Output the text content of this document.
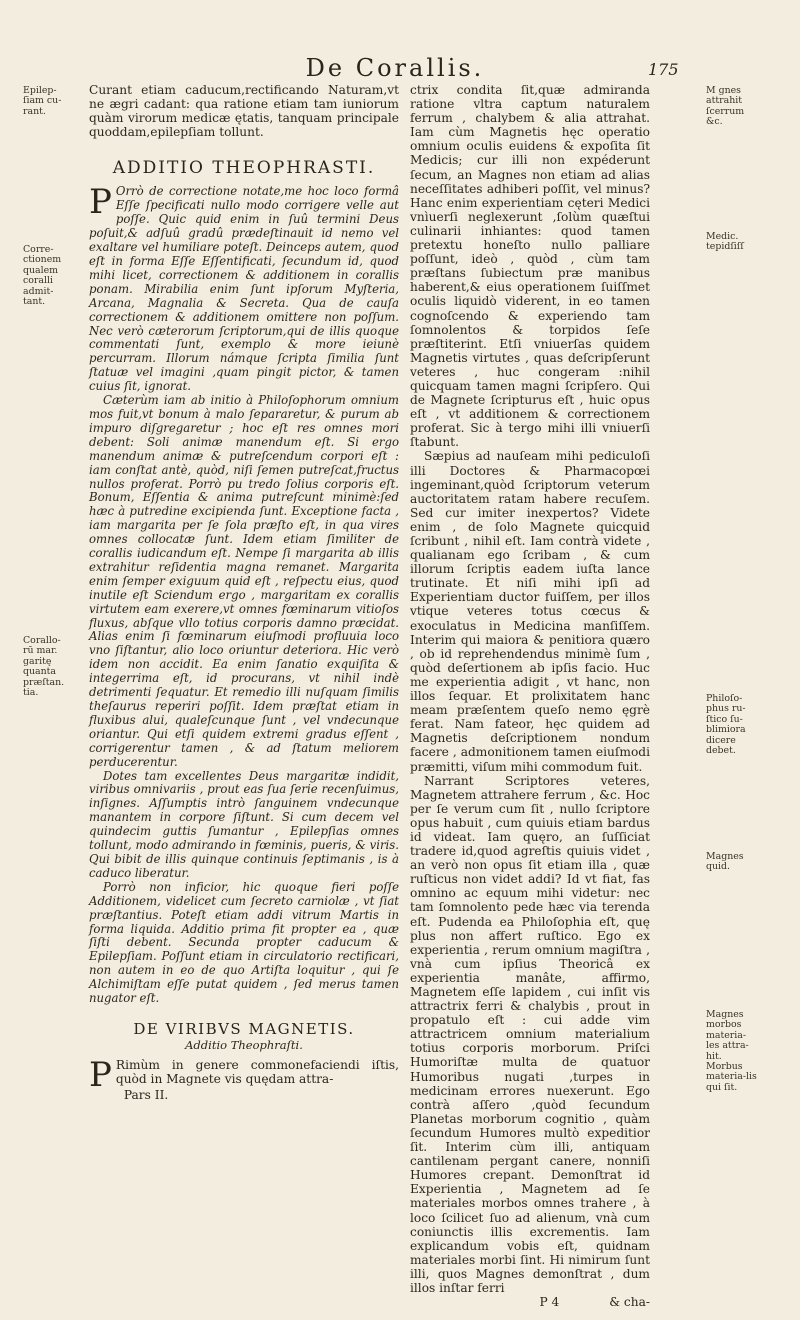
De Corallis.	175
Epilep-ſiam cu-rant.
Corre-ctionem qualem coralli admit-tant.
Corallo-rū mar. garitę quanta præſtan. tia.
M gnes attrahit ſcerrum &c.
Medic. tepidſiſſ
Philoſo-phus ru-ſtico ſu-blimiora dicere debet.
Magnes quid.
Magnes morbos materia-les attra-hit. Morbus materia-lis qui ſit.

Curant etiam caducum,rectificando Naturam,vt ne ægri cadant: qua ratione etiam tam iuniorum quàm virorum medicæ ętatis, tanquam principale quoddam,epilepſiam tollunt.

ADDITIO THEOPHRASTI.

P Orrò de correctione notate,me hoc loco formâ Eſſe ſpecificati nullo modo corrigere velle aut poſſe. Quic quid enim in ſuû termini Deus poſuit,& adſuû gradû prædeſtinauit id nemo vel exaltare vel humiliare poteſt. Deinceps autem, quod eſt in forma Eſſe Eſſentificati, ſecundum id, quod mihi licet, correctionem & additionem in corallis ponam. Mirabilia enim ſunt ipſorum Myſteria, Arcana, Magnalia & Secreta. Qua de cauſa correctionem & additionem omittere non poſſum. Nec verò cæterorum ſcriptorum,qui de illis quoque commentati ſunt, exemplo & more ieiunè percurram. Illorum námque ſcripta ſimilia ſunt ſtatuæ vel imagini ,quam pingit pictor, & tamen cuius ſit, ignorat.

Cæterùm iam ab initio à Philoſophorum omnium mos fuit,vt bonum à malo ſepararetur, & purum ab impuro diſgregaretur ; hoc eſt res omnes mori debent: Soli animæ manendum eſt. Si ergo manendum animæ & putreſcendum corpori eſt : iam conſtat antè, quòd, niſi ſemen putreſcat,fructus nullos proferat. Porrò pu tredo ſolius corporis eſt. Bonum, Eſſentia & anima putreſcunt minimè:ſed hæc à putredine excipienda ſunt. Exceptione facta , iam margarita per ſe ſola præſto eſt, in qua vires omnes collocatæ ſunt. Idem etiam ſimiliter de corallis iudicandum eſt. Nempe ſi margarita ab illis extrahitur reſidentia magna remanet. Margarita enim ſemper exiguum quid eſt , reſpectu eius, quod inutile eſt Sciendum ergo , margaritam ex corallis virtutem eam exerere,vt omnes fœminarum vitioſos fluxus, abſque vllo totius corporis damno præcidat. Alias enim ſi fœminarum eiuſmodi profluuia loco vno ſiſtantur, alio loco oriuntur deteriora. Hic verò idem non accidit. Ea enim ſanatio exquiſita & integerrima eſt, id procurans, vt nihil indè detrimenti ſequatur. Et remedio illi nuſquam ſimilis theſaurus reperiri poſſit. Idem præſtat etiam in fluxibus alui, qualeſcunque ſunt , vel vndecunque oriantur. Qui etſi quidem extremi gradus eſſent , corrigerentur tamen , & ad ſtatum meliorem perducerentur.

Dotes tam excellentes Deus margaritæ indidit, viribus omnivariis , prout eas ſua ſerie recenſuimus, inſignes. Aſſumptis intrò ſanguinem vndecunque manantem in corpore ſiſtunt. Si cum decem vel quindecim guttis ſumantur , Epilepſias omnes tollunt, modo admirando in fœminis, pueris, & viris. Qui bibit de illis quinque continuis ſeptimanis , is à caduco liberatur.

Porrò non inficior, hic quoque fieri poſſe Additionem, videlicet cum ſecreto carniolæ , vt ſiat præſtantius. Poteſt etiam addi vitrum Martis in forma liquida. Additio prima fit propter ea , quæ ſiſti debent. Secunda propter caducum & Epilepſiam. Poſſunt etiam in circulatorio rectificari, non autem in eo de quo Artiſta loquitur , qui ſe Alchimiſtam eſſe putat quidem , ſed merus tamen nugator eſt.

DE VIRIBVS MAGNETIS.
Additio Theophraſti.

P Rimùm in genere commonefaciendi iſtis, quòd in Magnete vis quędam attra-

Pars II.

ctrix condita ſit,quæ admiranda ratione vltra captum naturalem ferrum , chalybem & alia attrahat. Iam cùm Magnetis hęc operatio omnium oculis euidens & expoſita ſit Medicis; cur illi non expéderunt ſecum, an Magnes non etiam ad alias neceſſitates adhiberi poſſit, vel minus? Hanc enim experientiam cęteri Medici vnìuerſi neglexerunt ,ſolùm quæſtui culinarii inhiantes: quod tamen pretextu honeſto nullo palliare poſſunt, ideò , quòd , cùm tam præſtans ſubiectum præ manibus haberent,& eius operationem ſuiſſmet oculis liquidò viderent, in eo tamen cognoſcendo & experiendo tam ſomnolentos & torpidos ſeſe præſtiterint. Etſi vniuerſas quidem Magnetis virtutes , quas deſcripſerunt veteres , huc congeram :nihil quicquam tamen magni ſcripſero. Qui de Magnete ſcripturus eſt , huic opus eſt , vt additionem & correctionem proferat. Sic à tergo mihi illi vniuerſi ſtabunt.

Sæpius ad nauſeam mihi pediculoſi illi Doctores & Pharmacopœi ingeminant,quòd ſcriptorum veterum auctoritatem ratam habere recuſem. Sed cur imiter inexpertos? Videte enim , de ſolo Magnete quicquid ſcribunt , nihil eſt. Iam contrà videte , qualianam ego ſcribam , & cum illorum ſcriptis eadem iuſta lance trutinate. Et niſi mihi ipſi ad Experientiam ductor fuiſſem, per illos vtique veteres totus cœcus & exoculatus in Medicina manſiſſem. Interim qui maiora & penitiora quæro , ob id reprehendendus minimè ſum , quòd deſertionem ab ipſis facio. Huc me experientia adigit , vt hanc, non illos ſequar. Et prolixitatem hanc meam præſentem queſo nemo ęgrè ferat. Nam fateor, hęc quidem ad Magnetis deſcriptionem nondum facere , admonitionem tamen eiuſmodi præmitti, viſum mihi commodum fuit.

Narrant Scriptores veteres, Magnetem attrahere ferrum , &c. Hoc per ſe verum cum ſit , nullo ſcriptore opus habuit , cum quiuis etiam bardus id videat. Iam quęro, an ſuſſiciat tradere id,quod agreſtis quiuis videt , an verò non opus ſit etiam illa , quæ ruſticus non videt addi? Id vt fiat, fas omnino ac equum mihi videtur: nec tam ſomnolento pede hæc via terenda eſt. Pudenda ea Philoſophia eſt, quę plus non affert ruſtico. Ego ex experientia , rerum omnium magiſtra , vnà cum ipſius Theoricâ ex experientia manâte, affirmo, Magnetem eſſe lapidem , cui inſit vis attractrix ferri & chalybis , prout in propatulo eſt : cui adde vim attractricem omnium materialium totius corporis morborum. Priſci Humoriſtæ multa de quatuor Humoribus nugati ,turpes in medicinam errores nuexerunt. Ego contrà aſſero ,quòd ſecundum Planetas morborum cognitio , quàm ſecundum Humores multò expeditior ſit. Interim cùm illi, antiquam cantilenam pergant canere, nonniſi Humores crepant. Demonſtrat id Experientia , Magnetem ad ſe materiales morbos omnes trahere , à loco ſcilicet ſuo ad alienum, vnà cum coniunctis illis excrementis. Iam explicandum vobis eſt, quidnam materiales morbi ſint. Hi nimirum ſunt illi, quos Magnes demonſtrat , dum illos inſtar ferri

P 4	& cha-
